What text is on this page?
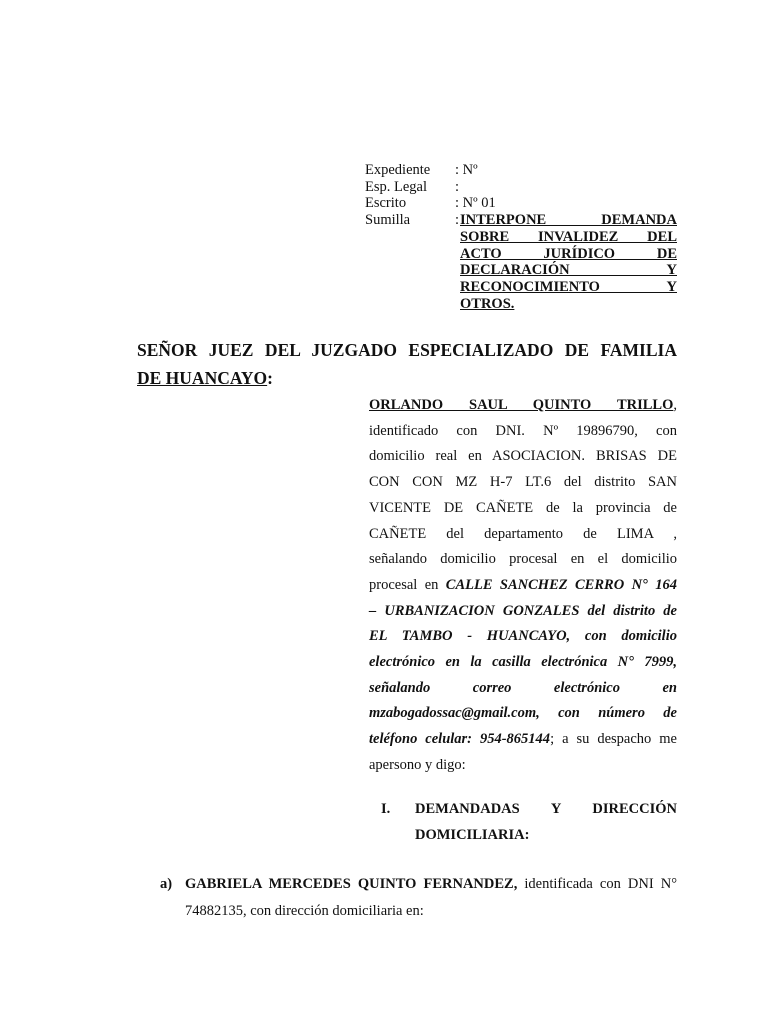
Expediente	: Nº
Esp. Legal	:
Escrito	: Nº 01
Sumilla	: INTERPONE DEMANDA
SOBRE INVALIDEZ DEL
ACTO JURÍDICO DE
DECLARACIÓN Y
RECONOCIMIENTO Y
OTROS.
SEÑOR JUEZ DEL JUZGADO ESPECIALIZADO DE FAMILIA
DE HUANCAYO:
ORLANDO SAUL QUINTO TRILLO,
identificado con DNI. Nº 19896790, con
domicilio real en ASOCIACION. BRISAS DE
CON CON MZ H-7 LT.6 del distrito SAN
VICENTE DE CAÑETE de la provincia de
CAÑETE del departamento de LIMA ,
señalando domicilio procesal en el domicilio
procesal en CALLE SANCHEZ CERRO N° 164
– URBANIZACION GONZALES del distrito de
EL TAMBO - HUANCAYO, con domicilio
electrónico en la casilla electrónica N° 7999,
señalando correo electrónico en
mzabogadossac@gmail.com, con número de
teléfono celular: 954-865144; a su despacho me
apersono y digo:
I.	DEMANDADAS Y DIRECCIÓN
DOMICILIARIA:
a) GABRIELA MERCEDES QUINTO FERNANDEZ, identificada con DNI N° 74882135, con dirección domiciliaria en:
